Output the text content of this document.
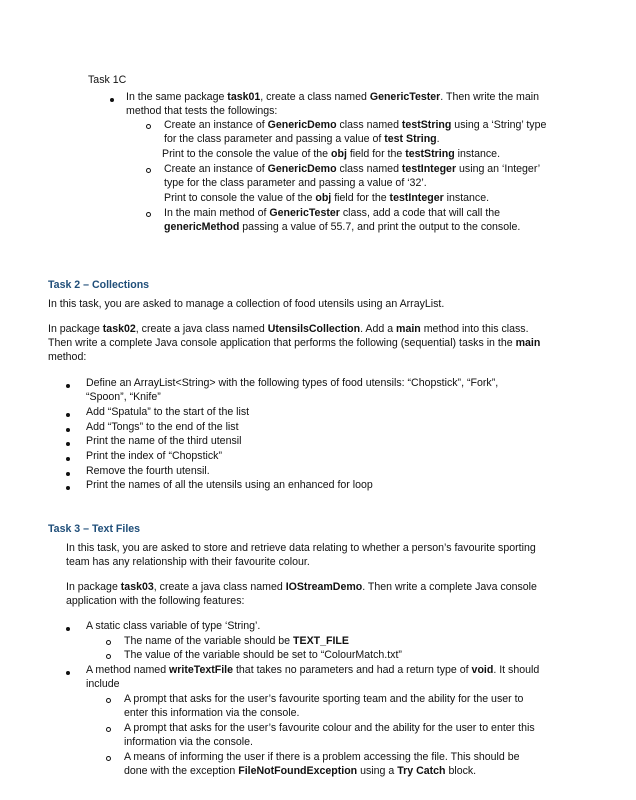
Task 1C
In the same package task01, create a class named GenericTester. Then write the main
method that tests the followings:
Create an instance of GenericDemo class named testString using a ‘String’ type
for the class parameter and passing a value of test String.
Print to the console the value of the obj field for the testString instance.
Create an instance of GenericDemo class named testInteger using an ‘Integer’
type for the class parameter and passing a value of ‘32’.
Print to console the value of the obj field for the testInteger instance.
In the main method of GenericTester class, add a code that will call the
genericMethod passing a value of 55.7, and print the output to the console.
Task 2 – Collections
In this task, you are asked to manage a collection of food utensils using an ArrayList.
In package task02, create a java class named UtensilsCollection. Add a main method into this class.
Then write a complete Java console application that performs the following (sequential) tasks in the main
method:
Define an ArrayList<String> with the following types of food utensils: “Chopstick”, “Fork”,
“Spoon”, “Knife”
Add “Spatula” to the start of the list
Add “Tongs” to the end of the list
Print the name of the third utensil
Print the index of “Chopstick”
Remove the fourth utensil.
Print the names of all the utensils using an enhanced for loop
Task 3 – Text Files
In this task, you are asked to store and retrieve data relating to whether a person’s favourite sporting
team has any relationship with their favourite colour.
In package task03, create a java class named IOStreamDemo. Then write a complete Java console
application with the following features:
A static class variable of type ‘String’.
The name of the variable should be TEXT_FILE
The value of the variable should be set to “ColourMatch.txt”
A method named writeTextFile that takes no parameters and had a return type of void. It should
include
A prompt that asks for the user’s favourite sporting team and the ability for the user to
enter this information via the console.
A prompt that asks for the user’s favourite colour and the ability for the user to enter this
information via the console.
A means of informing the user if there is a problem accessing the file. This should be
done with the exception FileNotFoundException using a Try Catch block.
